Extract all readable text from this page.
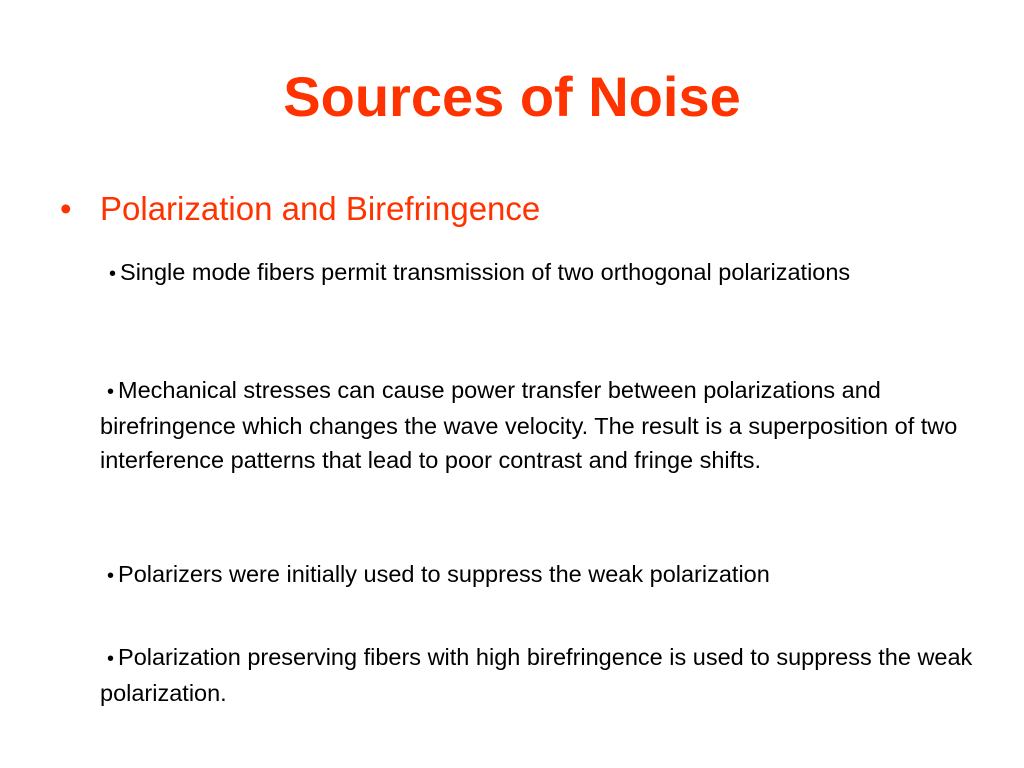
Sources of Noise
• Polarization and Birefringence
• Single mode fibers permit transmission of two orthogonal polarizations
• Mechanical stresses can cause power transfer between polarizations and birefringence which changes the wave velocity. The result is a superposition of two interference patterns that lead to poor contrast and fringe shifts.
• Polarizers were initially used to suppress the weak polarization
• Polarization preserving fibers with high birefringence is used to suppress the weak polarization.
